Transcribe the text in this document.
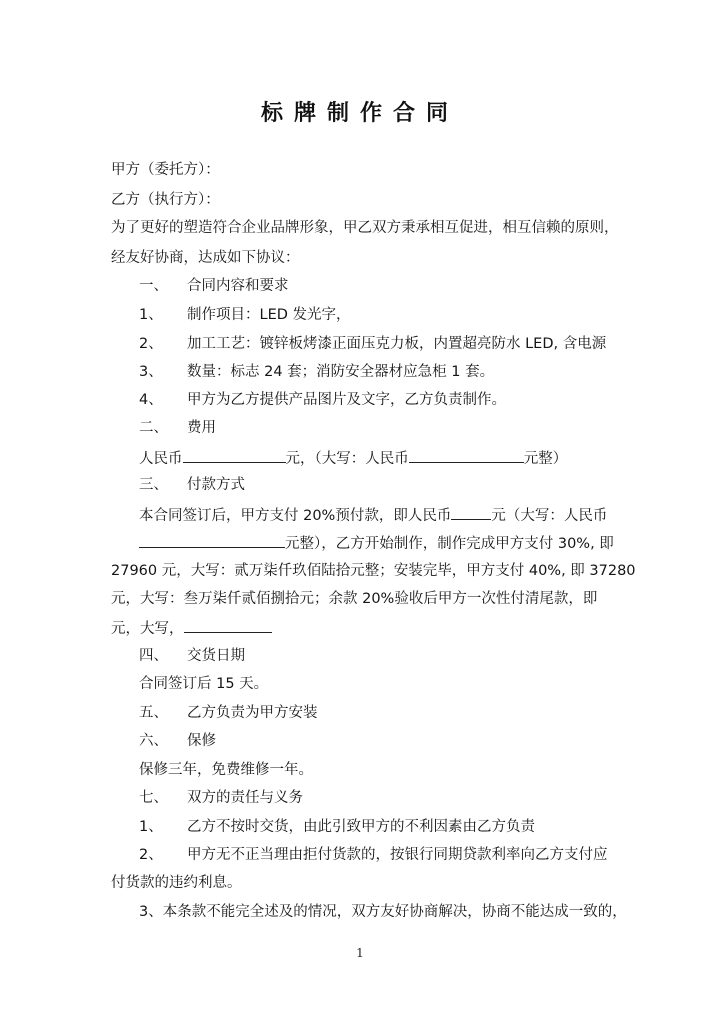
标牌制作合同
甲方（委托方）：
乙方（执行方）：
为了更好的塑造符合企业品牌形象，甲乙双方秉承相互促进，相互信赖的原则，
经友好协商，达成如下协议：
一、 合同内容和要求
1、 制作项目：LED 发光字，
2、 加工工艺：镀锌板烤漆正面压克力板，内置超亮防水 LED, 含电源
3、 数量：标志 24 套；消防安全器材应急柜 1 套。
4、 甲方为乙方提供产品图片及文字，乙方负责制作。
二、 费用
人民币	元，（大写：人民币	元整）
三、 付款方式
本合同签订后，甲方支付 20%预付款，即人民币	元（大写：人民币
元整），乙方开始制作，制作完成甲方支付 30%, 即
27960 元，大写：贰万柒仟玖佰陆拾元整；安装完毕，甲方支付 40%, 即 37280
元，大写：叁万柒仟贰佰捌拾元；余款 20%验收后甲方一次性付清尾款，即
元，大写，
四、 交货日期
合同签订后 15 天。
五、 乙方负责为甲方安装
六、 保修
保修三年，免费维修一年。
七、 双方的责任与义务
1、 乙方不按时交货，由此引致甲方的不利因素由乙方负责
2、 甲方无不正当理由拒付货款的，按银行同期贷款利率向乙方支付应
付货款的违约利息。
3、本条款不能完全述及的情况，双方友好协商解决，协商不能达成一致的，
1
